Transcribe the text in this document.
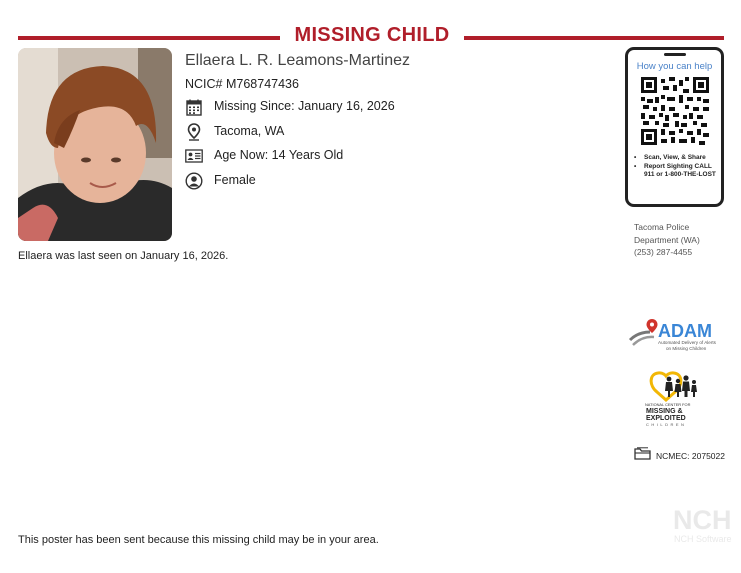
MISSING CHILD
Ellaera L. R. Leamons-Martinez
NCIC# M768747436
Missing Since: January 16, 2026
Tacoma, WA
Age Now: 14 Years Old
Female
Ellaera was last seen on January 16, 2026.
How you can help
• Scan, View, & Share
• Report Sighting CALL 911 or 1-800-THE-LOST
Tacoma Police
Department (WA)
(253) 287-4455
ADAM
Automated Delivery of Alerts
on Missing Children
NATIONAL CENTER FOR
MISSING &
EXPLOITED
CHILDREN
NCMEC: 2075022
This poster has been sent because this missing child may be in your area.
NCH
NCH Software
